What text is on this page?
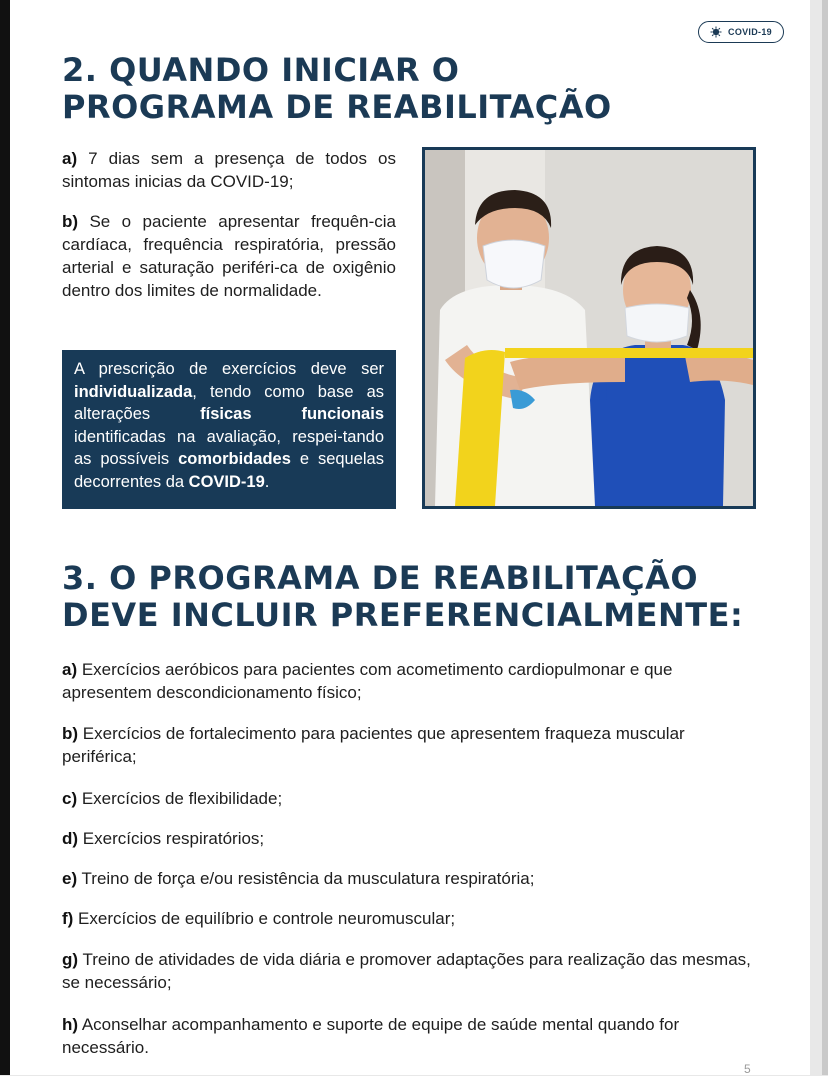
COVID-19
2. QUANDO INICIAR O
PROGRAMA DE REABILITAÇÃO

a) 7 dias sem a presença de todos os sintomas inicias da COVID-19;

b) Se o paciente apresentar frequên-cia cardíaca, frequência respiratória, pressão arterial e saturação periféri-ca de oxigênio dentro dos limites de normalidade.

A prescrição de exercícios deve ser individualizada, tendo como base as alterações físicas funcionais identificadas na avaliação, respei-tando as possíveis comorbidades e sequelas decorrentes da COVID-19.
3. O PROGRAMA DE REABILITAÇÃO
DEVE INCLUIR PREFERENCIALMENTE:

a) Exercícios aeróbicos para pacientes com acometimento cardiopulmonar e que apresentem descondicionamento físico;

b) Exercícios de fortalecimento para pacientes que apresentem fraqueza muscular periférica;

c) Exercícios de flexibilidade;

d) Exercícios respiratórios;

e) Treino de força e/ou resistência da musculatura respiratória;

f) Exercícios de equilíbrio e controle neuromuscular;

g) Treino de atividades de vida diária e promover adaptações para realização das mesmas, se necessário;

h) Aconselhar acompanhamento e suporte de equipe de saúde mental quando for necessário.

5
